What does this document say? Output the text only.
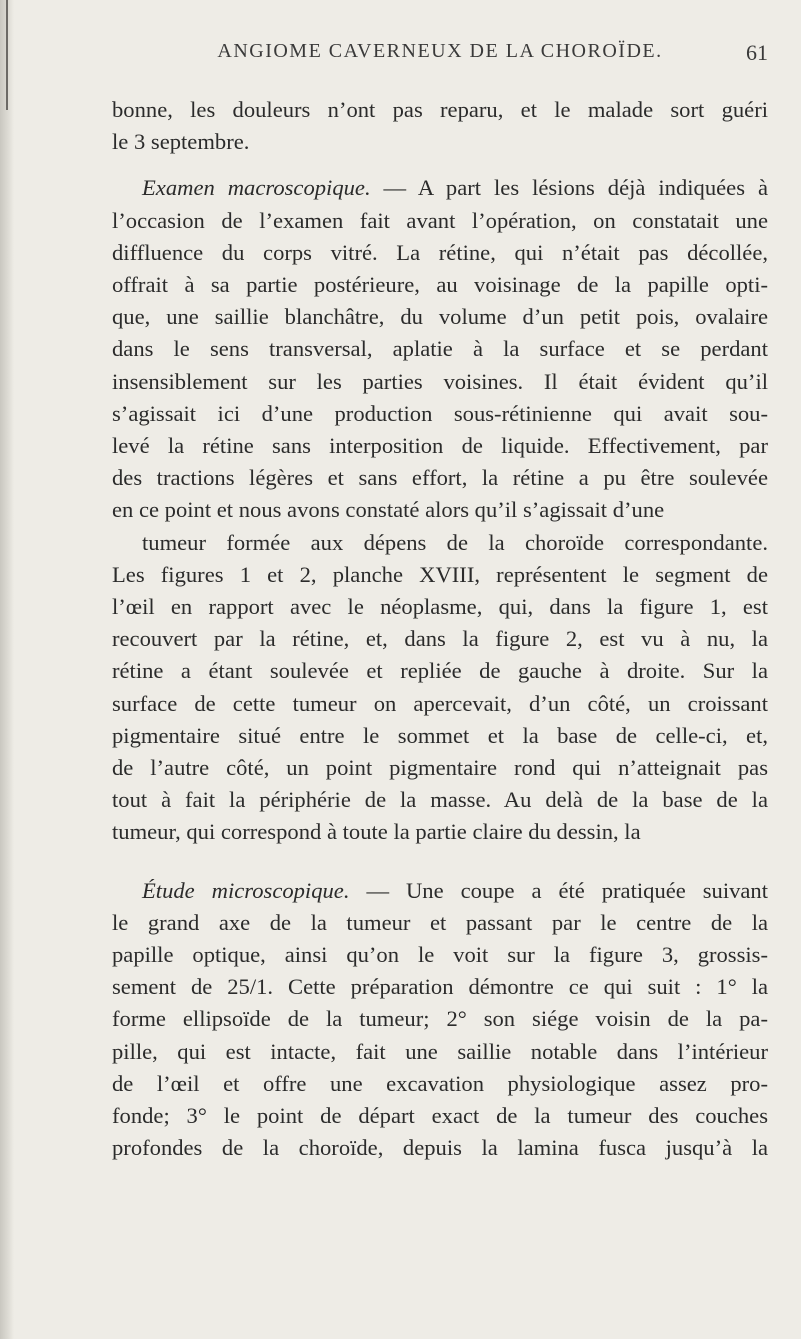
ANGIOME CAVERNEUX DE LA CHOROÏDE.	61

bonne, les douleurs n’ont pas reparu, et le malade sort guéri
le 3 septembre.

Examen macroscopique. — A part les lésions déjà indiquées à
l’occasion de l’examen fait avant l’opération, on constatait une
diffluence du corps vitré. La rétine, qui n’était pas décollée,
offrait à sa partie postérieure, au voisinage de la papille opti-
que, une saillie blanchâtre, du volume d’un petit pois, ovalaire
dans le sens transversal, aplatie à la surface et se perdant
insensiblement sur les parties voisines. Il était évident qu’il
s’agissait ici d’une production sous-rétinienne qui avait sou-
levé la rétine sans interposition de liquide. Effectivement, par
des tractions légères et sans effort, la rétine a pu être soulevée
en ce point et nous avons constaté alors qu’il s’agissait d’une
tumeur formée aux dépens de la choroïde correspondante.
Les figures 1 et 2, planche XVIII, représentent le segment de
l’œil en rapport avec le néoplasme, qui, dans la figure 1, est
recouvert par la rétine, et, dans la figure 2, est vu à nu, la
rétine a étant soulevée et repliée de gauche à droite. Sur la
surface de cette tumeur on apercevait, d’un côté, un croissant
pigmentaire situé entre le sommet et la base de celle-ci, et,
de l’autre côté, un point pigmentaire rond qui n’atteignait pas
tout à fait la périphérie de la masse. Au delà de la base de la
tumeur, qui correspond à toute la partie claire du dessin, la

Étude microscopique. — Une coupe a été pratiquée suivant
le grand axe de la tumeur et passant par le centre de la
papille optique, ainsi qu’on le voit sur la figure 3, grossis-
sement de 25/1. Cette préparation démontre ce qui suit : 1° la
forme ellipsoïde de la tumeur; 2° son siége voisin de la pa-
pille, qui est intacte, fait une saillie notable dans l’intérieur
de l’œil et offre une excavation physiologique assez pro-
fonde; 3° le point de départ exact de la tumeur des couches
profondes de la choroïde, depuis la lamina fusca jusqu’à la
